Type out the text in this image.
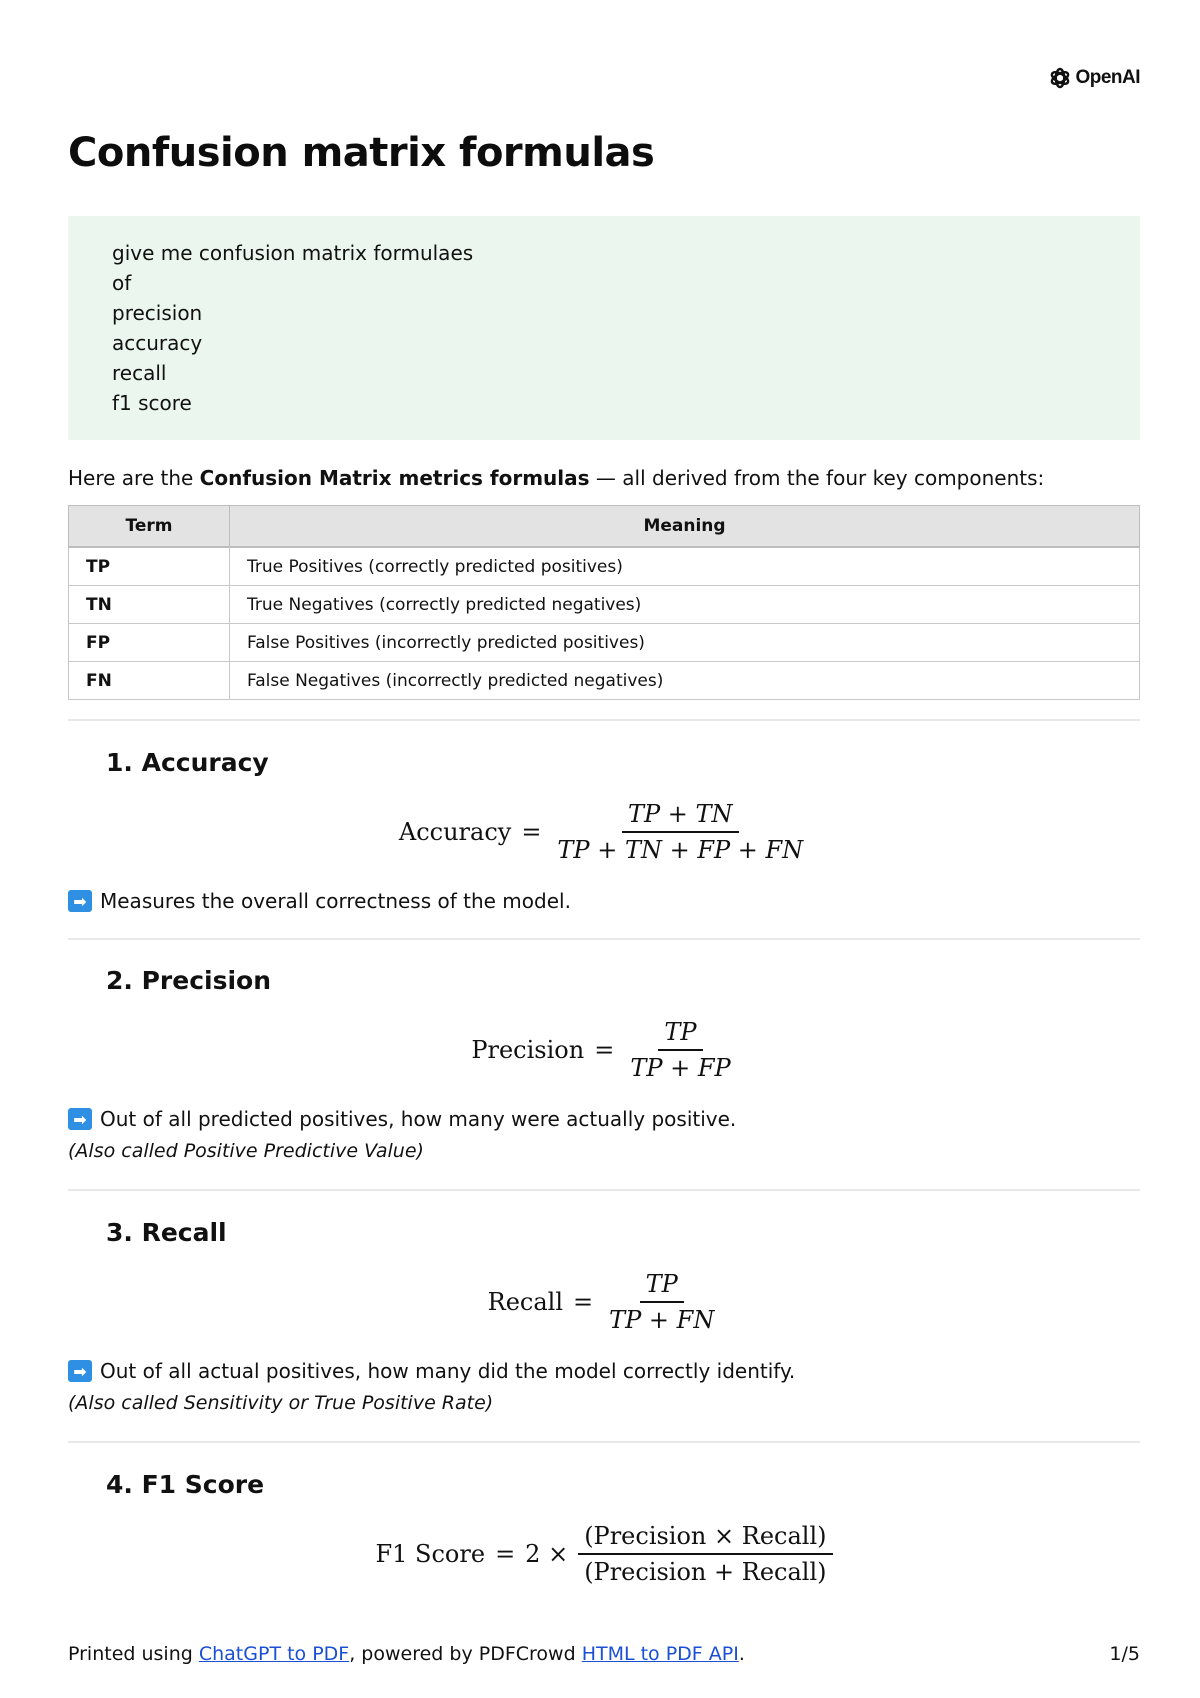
OpenAI
Confusion matrix formulas
give me confusion matrix formulaes
of
precision
accuracy
recall
f1 score
Here are the Confusion Matrix metrics formulas — all derived from the four key components:
Term	Meaning
TP	True Positives (correctly predicted positives)
TN	True Negatives (correctly predicted negatives)
FP	False Positives (incorrectly predicted positives)
FN	False Negatives (incorrectly predicted negatives)
1. Accuracy
Accuracy = $\frac{TP + TN}{TP + TN + FP + FN}$
➡ Measures the overall correctness of the model.
2. Precision
Precision = $\frac{TP}{TP + FP}$
➡ Out of all predicted positives, how many were actually positive.
(Also called Positive Predictive Value)
3. Recall
Recall = $\frac{TP}{TP + FN}$
➡ Out of all actual positives, how many did the model correctly identify.
(Also called Sensitivity or True Positive Rate)
4. F1 Score
F1 Score = $2 \times \frac{\text{(Precision × Recall)}}{\text{(Precision + Recall)}}$
Printed using ChatGPT to PDF, powered by PDFCrowd HTML to PDF API.	1/5
